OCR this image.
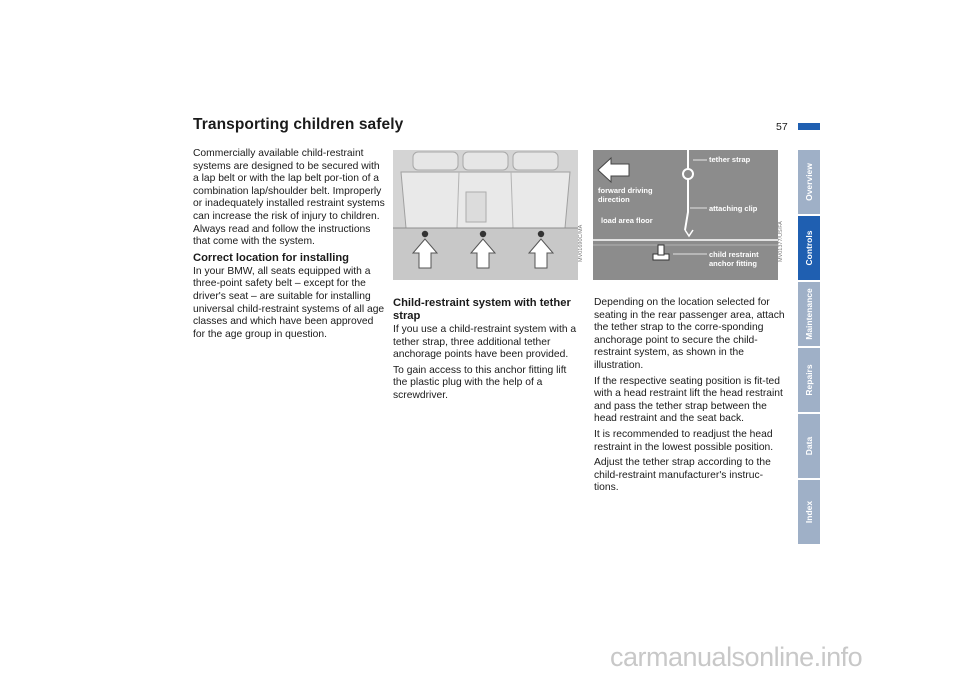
Transporting children safely	57

Commercially available child-restraint systems are designed to be secured with a lap belt or with the lap belt por-tion of a combination lap/shoulder belt. Improperly or inadequately installed restraint systems can increase the risk of injury to children. Always read and follow the instructions that come with the system.

Correct location for installing

In your BMW, all seats equipped with a three-point safety belt – except for the driver's seat – are suitable for installing universal child-restraint systems of all age classes and which have been approved for the age group in question.

MV01690C/MA
forward driving
direction
load area floor
tether strap
attaching clip
child restraint
anchor fitting
MV01377/US/FA
Child-restraint system with tether strap

If you use a child-restraint system with a tether strap, three additional tether anchorage points have been provided.

To gain access to this anchor fitting lift the plastic plug with the help of a screwdriver.

Depending on the location selected for seating in the rear passenger area, attach the tether strap to the corre-sponding anchorage point to secure the child-restraint system, as shown in the illustration.

If the respective seating position is fit-ted with a head restraint lift the head restraint and pass the tether strap between the head restraint and the seat back.

It is recommended to readjust the head restraint in the lowest possible position.

Adjust the tether strap according to the child-restraint manufacturer's instruc-tions.

Overview
Controls
Maintenance
Repairs
Data
Index
carmanualsonline.info
